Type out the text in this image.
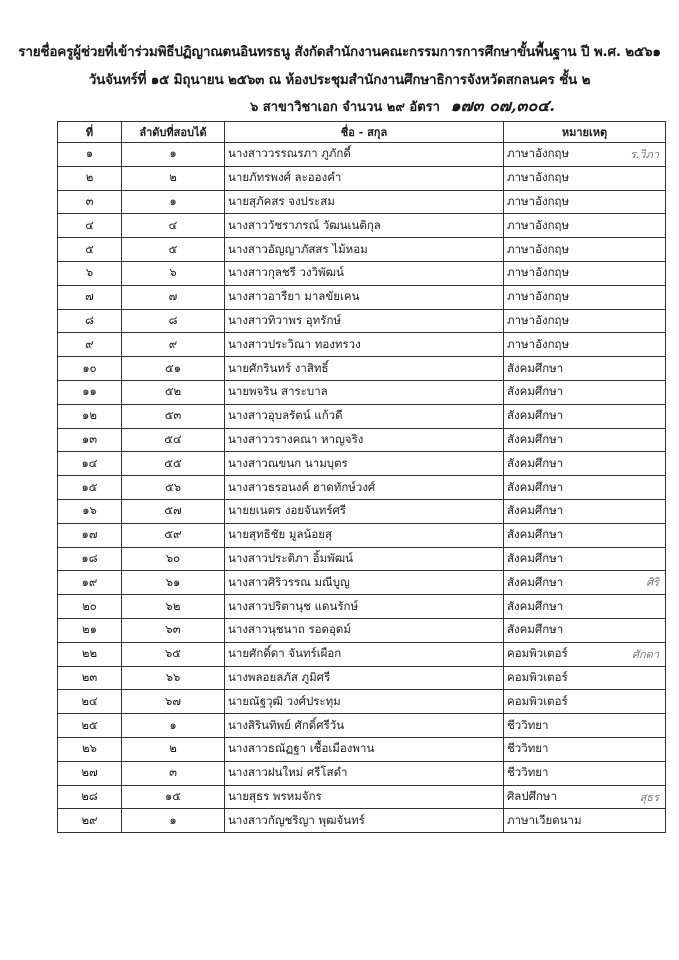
รายชื่อครูผู้ช่วยที่เข้าร่วมพิธีปฏิญาณตนอินทรธนู สังกัดสำนักงานคณะกรรมการการศึกษาขั้นพื้นฐาน ปี พ.ศ. ๒๕๖๑
วันจันทร์ที่ ๑๕ มิถุนายน ๒๕๖๓ ณ ห้องประชุมสำนักงานศึกษาธิการจังหวัดสกลนคร ชั้น ๒
๖ สาขาวิชาเอก จำนวน ๒๙ อัตรา ๑๗๓ ๐๗,๓๐๔.
ที่	ลำดับที่สอบได้	ชื่อ - สกุล	หมายเหตุ
๑	๑	นางสาววรรณรภา ภูภักดี์	ภาษาอังกฤษ ร.วิภา

๒	๒	นายภัทรพงศ์ ละอองคำ	ภาษาอังกฤษ
๓	๑	นายสุภัคสร จงประสม	ภาษาอังกฤษ
๔	๔	นางสาววัชราภรณ์ วัฒนเนติกุล	ภาษาอังกฤษ
๕	๕	นางสาวอัญญาภัสสร ไม้หอม	ภาษาอังกฤษ
๖	๖	นางสาวกุลชรี วงวิพัฒน์	ภาษาอังกฤษ
๗	๗	นางสาวอารียา มาลขัยเคน	ภาษาอังกฤษ
๘	๘	นางสาวทิวาพร อุทรักษ์	ภาษาอังกฤษ
๙	๙	นางสาวประวิณา ทองทรวง	ภาษาอังกฤษ
๑๐	๕๑	นายศักรินทร์ งาสิทธิ์	สังคมศึกษา
๑๑	๕๒	นายพจริน สาระบาล	สังคมศึกษา
๑๒	๕๓	นางสาวอุบลรัตน์ แก้วดี	สังคมศึกษา
๑๓	๕๔	นางสาววรางคณา หาญจริง	สังคมศึกษา
๑๔	๕๕	นางสาวณขนก นามบุตร	สังคมศึกษา
๑๕	๕๖	นางสาวธรอนงค์ ฮาดทักษ์วงศ์	สังคมศึกษา
๑๖	๕๗	นายยเนตร งอยจันทร์ศรี	สังคมศึกษา
๑๗	๕๙	นายสุทธิชัย มูลน้อยสุ	สังคมศึกษา
๑๘	๖๐	นางสาวประติภา อิ้มพัฒน์	สังคมศึกษา
๑๙	๖๑	นางสาวศิริวรรณ มณีบูญ	สังคมศึกษา ศิริ

๒๐	๖๒	นางสาวปริตานุช แดนรักษ์	สังคมศึกษา
๒๑	๖๓	นางสาวนุชนาถ รอดอุดม์	สังคมศึกษา
๒๒	๖๕	นายศักดิ์ดา จันทร์เผือก	คอมพิวเตอร์ ศักดา

๒๓	๖๖	นางพลอยลภัส ภูมิศรี	คอมพิวเตอร์
๒๔	๖๗	นายณัฐวุฒิ วงศ์ประทุม	คอมพิวเตอร์
๒๕	๑	นางสิรินทิพย์ ศักดิ์ศรีวัน	ชีววิทยา
๒๖	๒	นางสาวธณัฏฐา เชื้อเมืองพาน	ชีววิทยา
๒๗	๓	นางสาวฝนใหม่ ศรีโสดำ	ชีววิทยา
๒๘	๑๕	นายสุธร พรหมจักร	ศิลปศึกษา สุธร

๒๙	๑	นางสาวกัญชริญา พุฒจันทร์	ภาษาเวียดนาม
